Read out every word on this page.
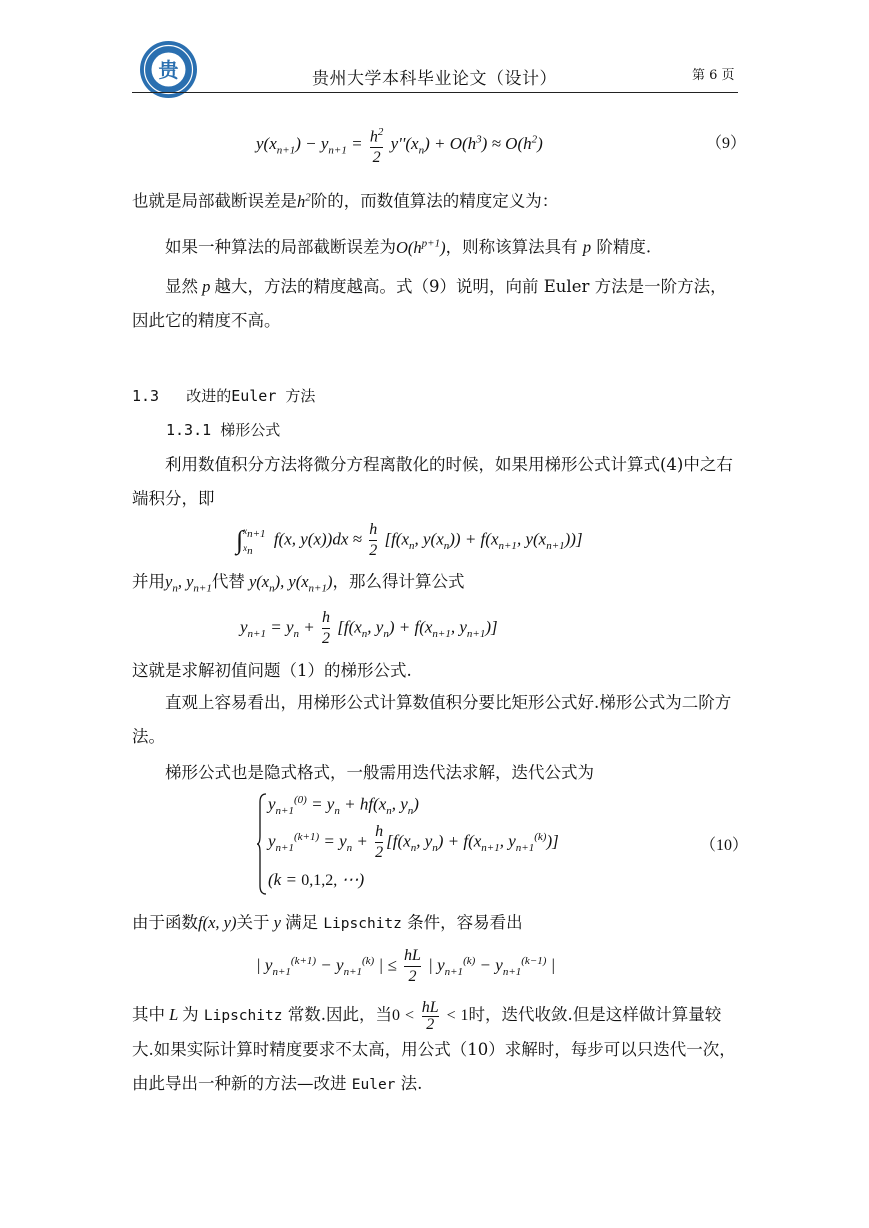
贵	贵州大学本科毕业论文（设计）	第 6 页
$y(x_{n+1}) - y_{n+1} = \frac{h^2}{2} y''(x_n) + O(h^3) \approx O(h^2)$	（9）
也就是局部截断误差是$h^2$阶的，而数值算法的精度定义为：
如果一种算法的局部截断误差为$O(h^{p+1})$，则称该算法具有 p 阶精度.
显然 p 越大，方法的精度越高。式（9）说明，向前 Euler 方法是一阶方法，因此它的精度不高。
1.3 改进的Euler 方法
1.3.1 梯形公式
利用数值积分方法将微分方程离散化的时候，如果用梯形公式计算式(4)中之右端积分，即
∫ $x_{n+1}$
$x_n$
f(x, $y(x))dx \approx \frac{h}{2} [f(x_n$, $y(x_n)) + f(x_{n+1}$, $y(x_{n+1})$)]
并用$y_n$, $y_{n+1}$代替 $y(x_n)$, $y(x_{n+1})$，那么得计算公式
$y_{n+1} = y_n + \frac{h}{2} [f(x_n$, $y_n) + f(x_{n+1}$, $y_{n+1}$)]
这就是求解初值问题（1）的梯形公式.
直观上容易看出，用梯形公式计算数值积分要比矩形公式好.梯形公式为二阶方法。
梯形公式也是隐式格式，一般需用迭代法求解，迭代公式为
$y_{n+1}^{(0)} = y_n + hf(x_n$, $y_n$)
$y_{n+1}^{(k+1)} = y_n + \frac{h}{2} [f(x_n$, $y_n) + f(x_{n+1}$, $y_{n+1}^{(k)}$)]
(k = 0,1,2, ⋯)
（10）
由于函数f(x, y)关于 y 满足 Lipschitz 条件，容易看出
| $y_{n+1}^{(k+1)} - y_{n+1}^{(k)}$ | ≤ $\frac{hL}{2}$ | $y_{n+1}^{(k)} - y_{n+1}^{(k-1)}$ |
其中 L 为 Lipschitz 常数.因此，当$0 < \frac{hL}{2} < 1$时，迭代收敛.但是这样做计算量较大.如果实际计算时精度要求不太高，用公式（10）求解时，每步可以只迭代一次，由此导出一种新的方法—改进 Euler 法.
